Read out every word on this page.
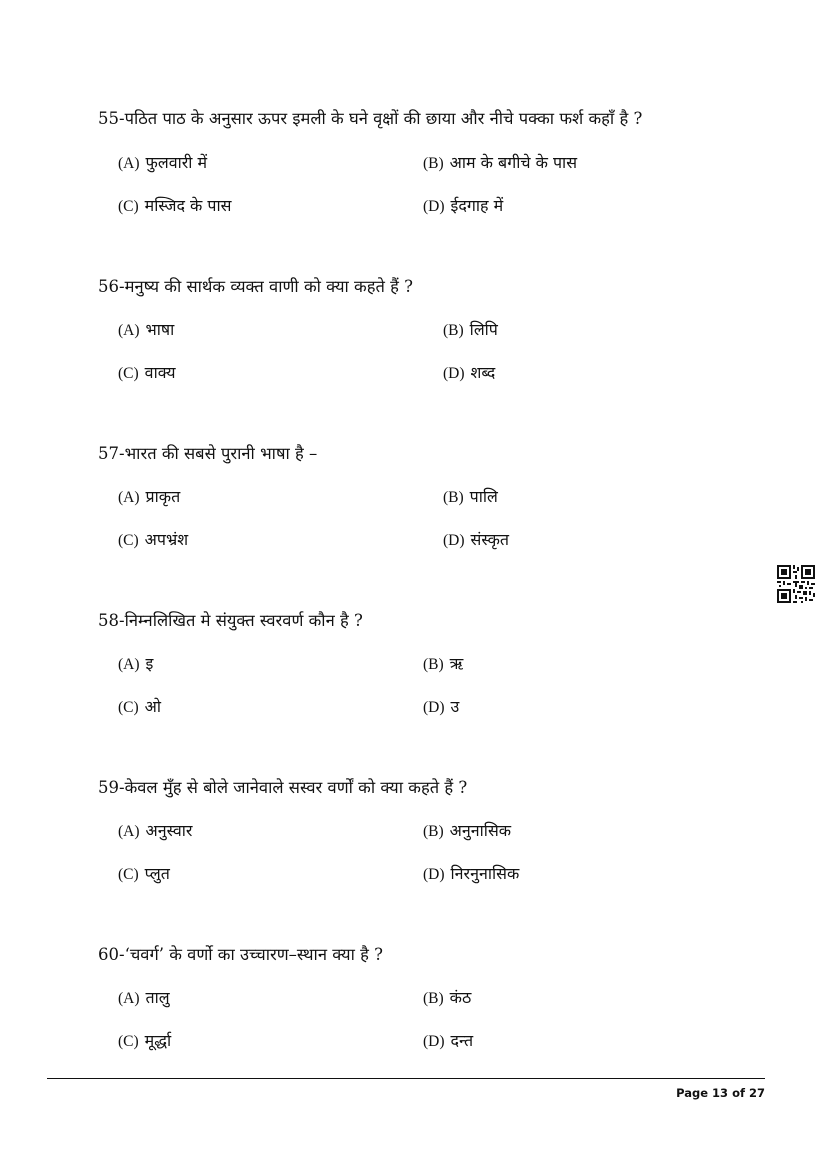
55-पठित पाठ के अनुसार ऊपर इमली के घने वृक्षों की छाया और नीचे पक्का फर्श कहाँ है ?
(A) फुलवारी में	(B) आम के बगीचे के पास
(C) मस्जिद के पास	(D) ईदगाह में
56-मनुष्य की सार्थक व्यक्त वाणी को क्या कहते हैं ?
(A) भाषा	(B) लिपि
(C) वाक्य	(D) शब्द
57-भारत की सबसे पुरानी भाषा है –
(A) प्राकृत	(B) पालि
(C) अपभ्रंश	(D) संस्कृत
58-निम्नलिखित मे संयुक्त स्वरवर्ण कौन है ?
(A) इ	(B) ऋ
(C) ओ	(D) उ
59-केवल मुँह से बोले जानेवाले सस्वर वर्णों को क्या कहते हैं ?
(A) अनुस्वार	(B) अनुनासिक
(C) प्लुत	(D) निरनुनासिक
60-‘चवर्ग’ के वर्णो का उच्चारण–स्थान क्या है ?
(A) तालु	(B) कंठ
(C) मूर्द्धा	(D) दन्त
Page 13 of 27
